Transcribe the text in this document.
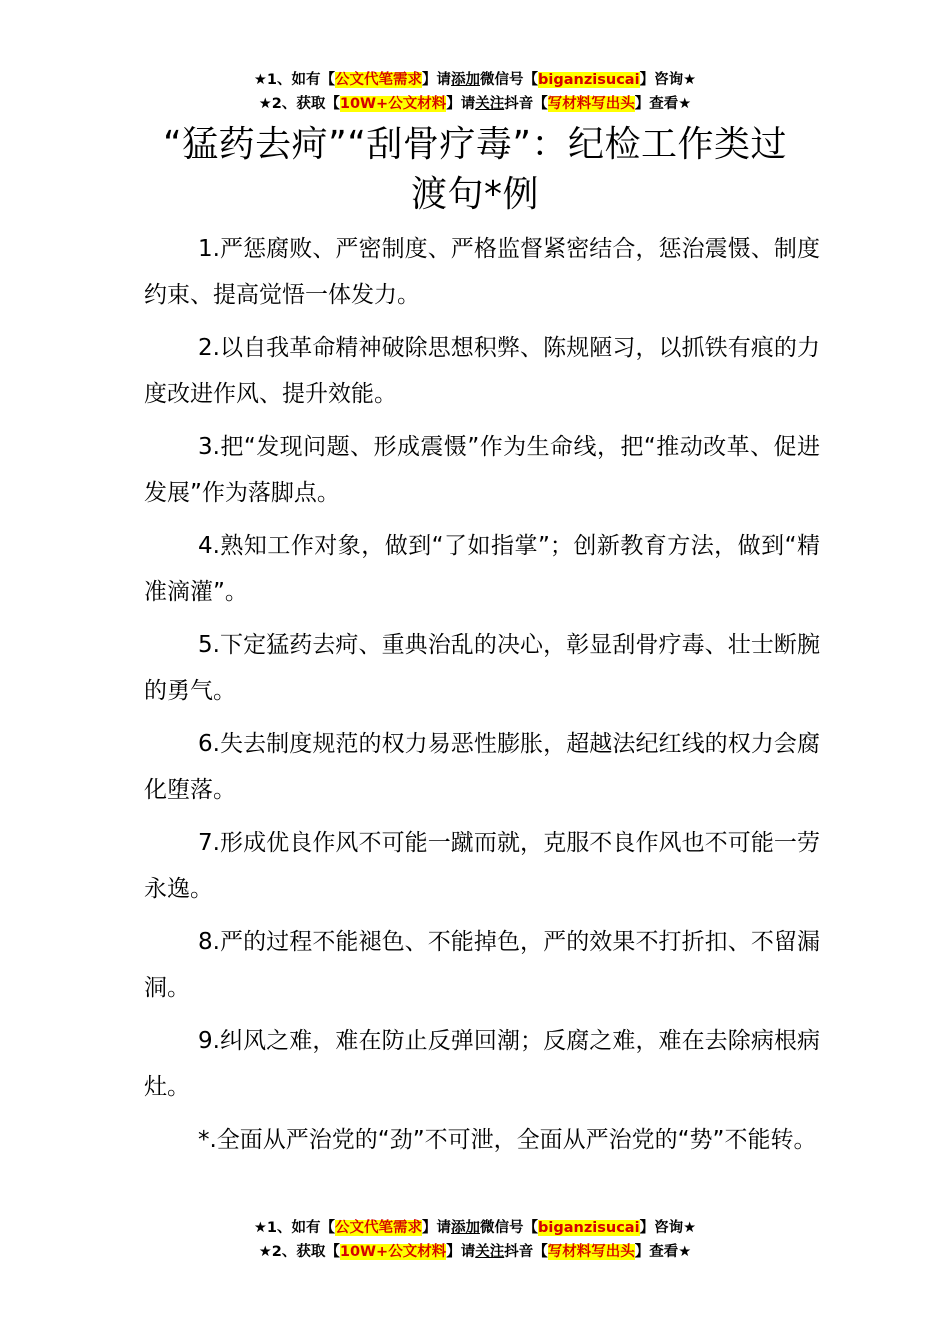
★1、如有【公文代笔需求】请添加微信号【biganzisucai】咨询★
★2、获取【10W+公文材料】请关注抖音【写材料写出头】查看★
“猛药去疴”“刮骨疗毒”：纪检工作类过
渡句*例

1.严惩腐败、严密制度、严格监督紧密结合，惩治震慑、制度约束、提高觉悟一体发力。

2.以自我革命精神破除思想积弊、陈规陋习，以抓铁有痕的力度改进作风、提升效能。

3.把“发现问题、形成震慑”作为生命线，把“推动改革、促进发展”作为落脚点。

4.熟知工作对象，做到“了如指掌”；创新教育方法，做到“精准滴灌”。

5.下定猛药去疴、重典治乱的决心，彰显刮骨疗毒、壮士断腕的勇气。

6.失去制度规范的权力易恶性膨胀，超越法纪红线的权力会腐化堕落。

7.形成优良作风不可能一蹴而就，克服不良作风也不可能一劳永逸。

8.严的过程不能褪色、不能掉色，严的效果不打折扣、不留漏洞。

9.纠风之难，难在防止反弹回潮；反腐之难，难在去除病根病灶。

*.全面从严治党的“劲”不可泄，全面从严治党的“势”不能转。

★1、如有【公文代笔需求】请添加微信号【biganzisucai】咨询★
★2、获取【10W+公文材料】请关注抖音【写材料写出头】查看★
